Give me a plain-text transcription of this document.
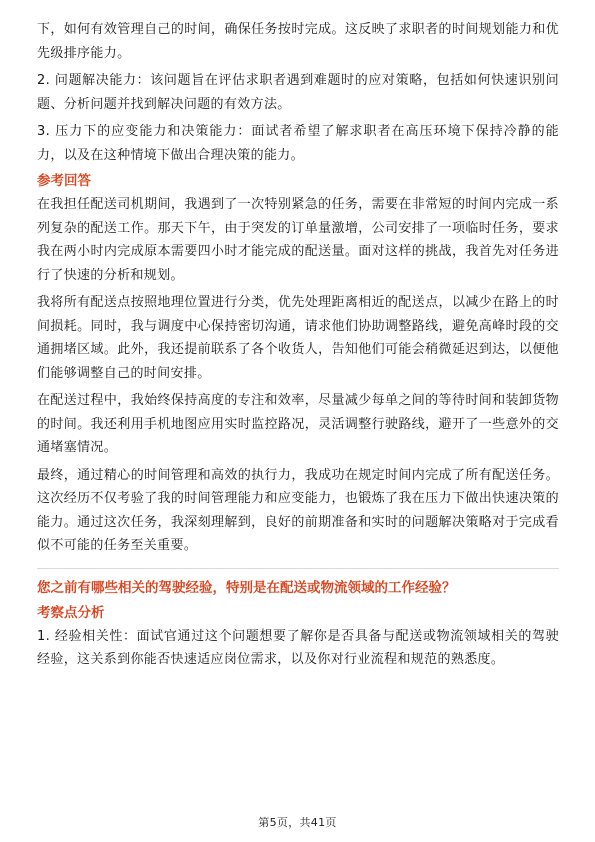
下，如何有效管理自己的时间，确保任务按时完成。这反映了求职者的时间规划能力和优先级排序能力。

2. 问题解决能力：该问题旨在评估求职者遇到难题时的应对策略，包括如何快速识别问题、分析问题并找到解决问题的有效方法。

3. 压力下的应变能力和决策能力：面试者希望了解求职者在高压环境下保持冷静的能力，以及在这种情境下做出合理决策的能力。

参考回答

在我担任配送司机期间，我遇到了一次特别紧急的任务，需要在非常短的时间内完成一系列复杂的配送工作。那天下午，由于突发的订单量激增，公司安排了一项临时任务，要求我在两小时内完成原本需要四小时才能完成的配送量。面对这样的挑战，我首先对任务进行了快速的分析和规划。

我将所有配送点按照地理位置进行分类，优先处理距离相近的配送点，以减少在路上的时间损耗。同时，我与调度中心保持密切沟通，请求他们协助调整路线，避免高峰时段的交通拥堵区域。此外，我还提前联系了各个收货人，告知他们可能会稍微延迟到达，以便他们能够调整自己的时间安排。

在配送过程中，我始终保持高度的专注和效率，尽量减少每单之间的等待时间和装卸货物的时间。我还利用手机地图应用实时监控路况，灵活调整行驶路线，避开了一些意外的交通堵塞情况。

最终，通过精心的时间管理和高效的执行力，我成功在规定时间内完成了所有配送任务。这次经历不仅考验了我的时间管理能力和应变能力，也锻炼了我在压力下做出快速决策的能力。通过这次任务，我深刻理解到，良好的前期准备和实时的问题解决策略对于完成看似不可能的任务至关重要。

您之前有哪些相关的驾驶经验，特别是在配送或物流领域的工作经验？
考察点分析

1. 经验相关性：面试官通过这个问题想要了解你是否具备与配送或物流领域相关的驾驶经验，这关系到你能否快速适应岗位需求，以及你对行业流程和规范的熟悉度。

第5页，共41页
